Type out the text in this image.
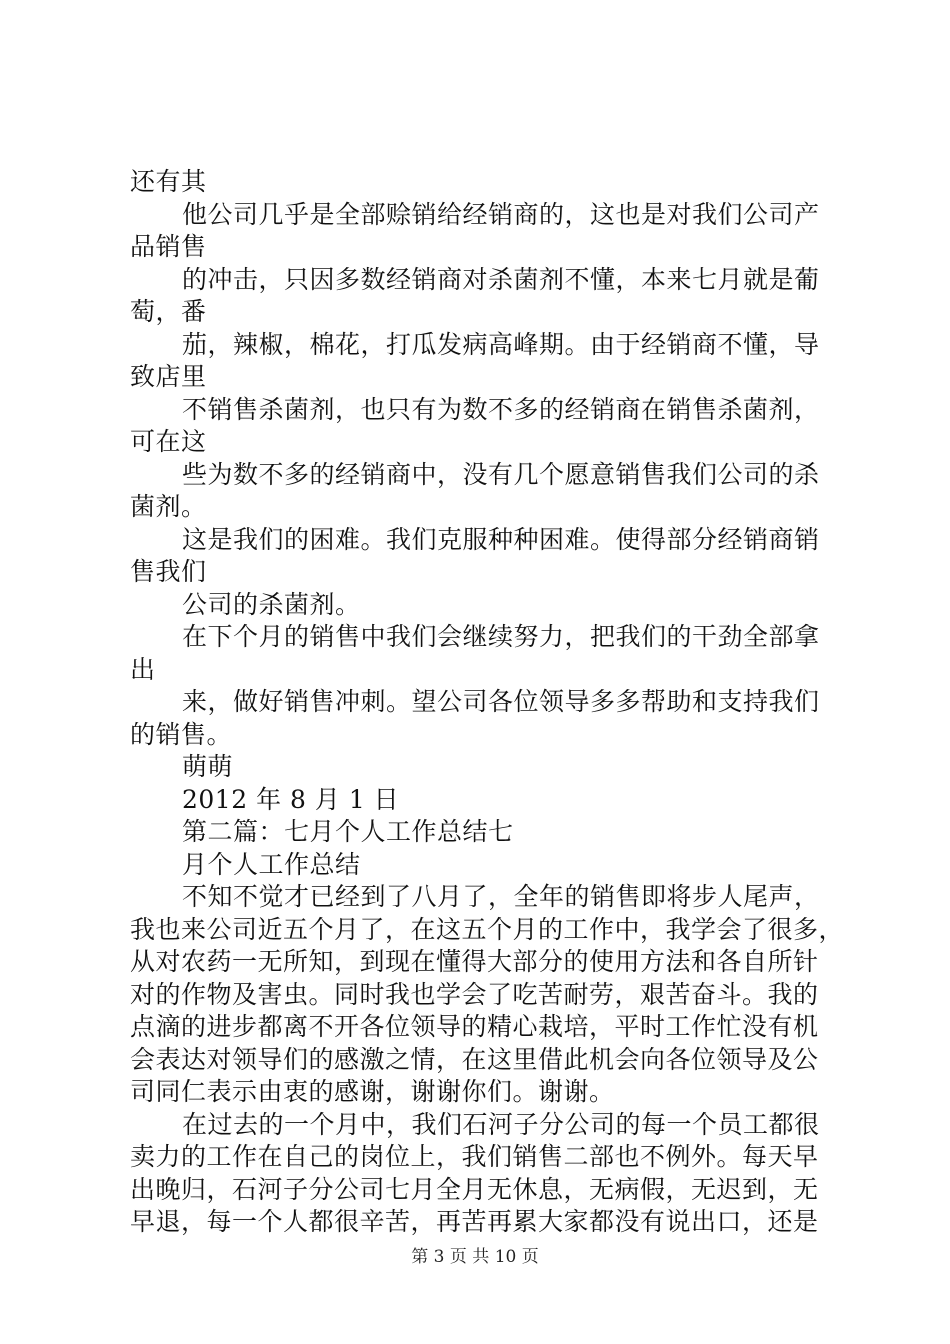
还有其
他公司几乎是全部赊销给经销商的，这也是对我们公司产
品销售
的冲击，只因多数经销商对杀菌剂不懂，本来七月就是葡
萄，番
茄，辣椒，棉花，打瓜发病高峰期。由于经销商不懂，导
致店里
不销售杀菌剂，也只有为数不多的经销商在销售杀菌剂，
可在这
些为数不多的经销商中，没有几个愿意销售我们公司的杀
菌剂。
这是我们的困难。我们克服种种困难。使得部分经销商销
售我们
公司的杀菌剂。
在下个月的销售中我们会继续努力，把我们的干劲全部拿
出
来，做好销售冲刺。望公司各位领导多多帮助和支持我们
的销售。
萌萌
2012 年 8 月 1 日
第二篇：七月个人工作总结七
月个人工作总结
不知不觉才已经到了八月了，全年的销售即将步人尾声，
我也来公司近五个月了，在这五个月的工作中，我学会了很多，
从对农药一无所知，到现在懂得大部分的使用方法和各自所针
对的作物及害虫。同时我也学会了吃苦耐劳，艰苦奋斗。我的
点滴的进步都离不开各位领导的精心栽培，平时工作忙没有机
会表达对领导们的感激之情，在这里借此机会向各位领导及公
司同仁表示由衷的感谢，谢谢你们。谢谢。
在过去的一个月中，我们石河子分公司的每一个员工都很
卖力的工作在自己的岗位上，我们销售二部也不例外。每天早
出晚归，石河子分公司七月全月无休息，无病假，无迟到，无
早退，每一个人都很辛苦，再苦再累大家都没有说出口，还是
第 3 页 共 10 页
